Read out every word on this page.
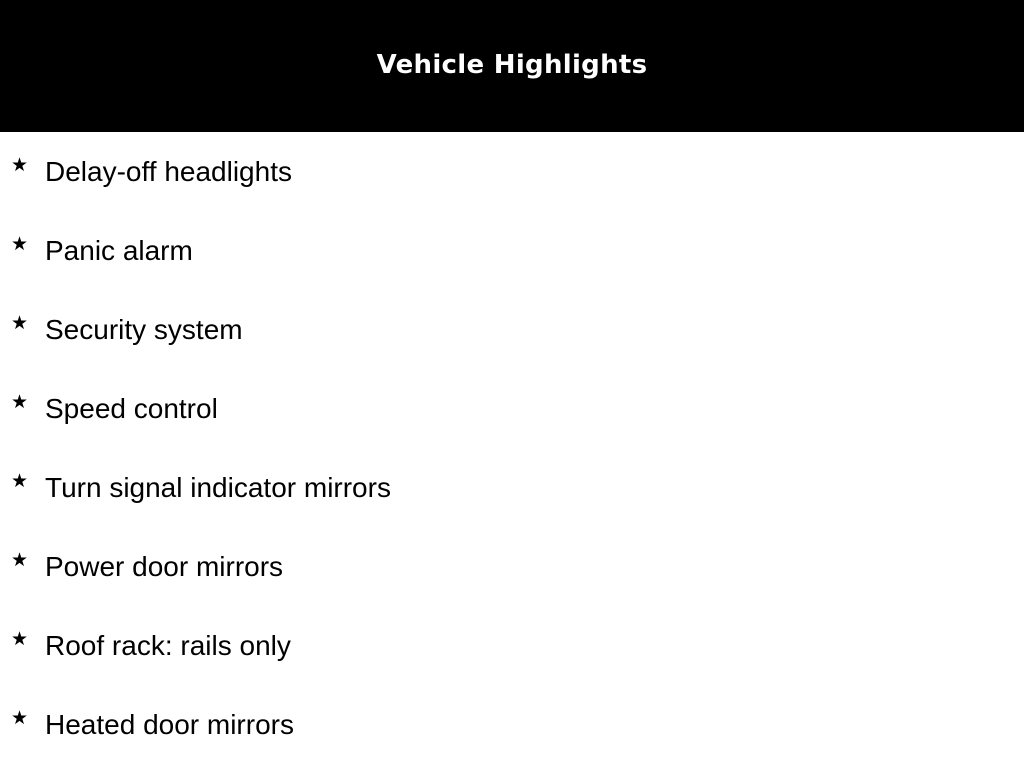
Vehicle Highlights
★ Delay-off headlights
★ Panic alarm
★ Security system
★ Speed control
★ Turn signal indicator mirrors
★ Power door mirrors
★ Roof rack: rails only
★ Heated door mirrors
